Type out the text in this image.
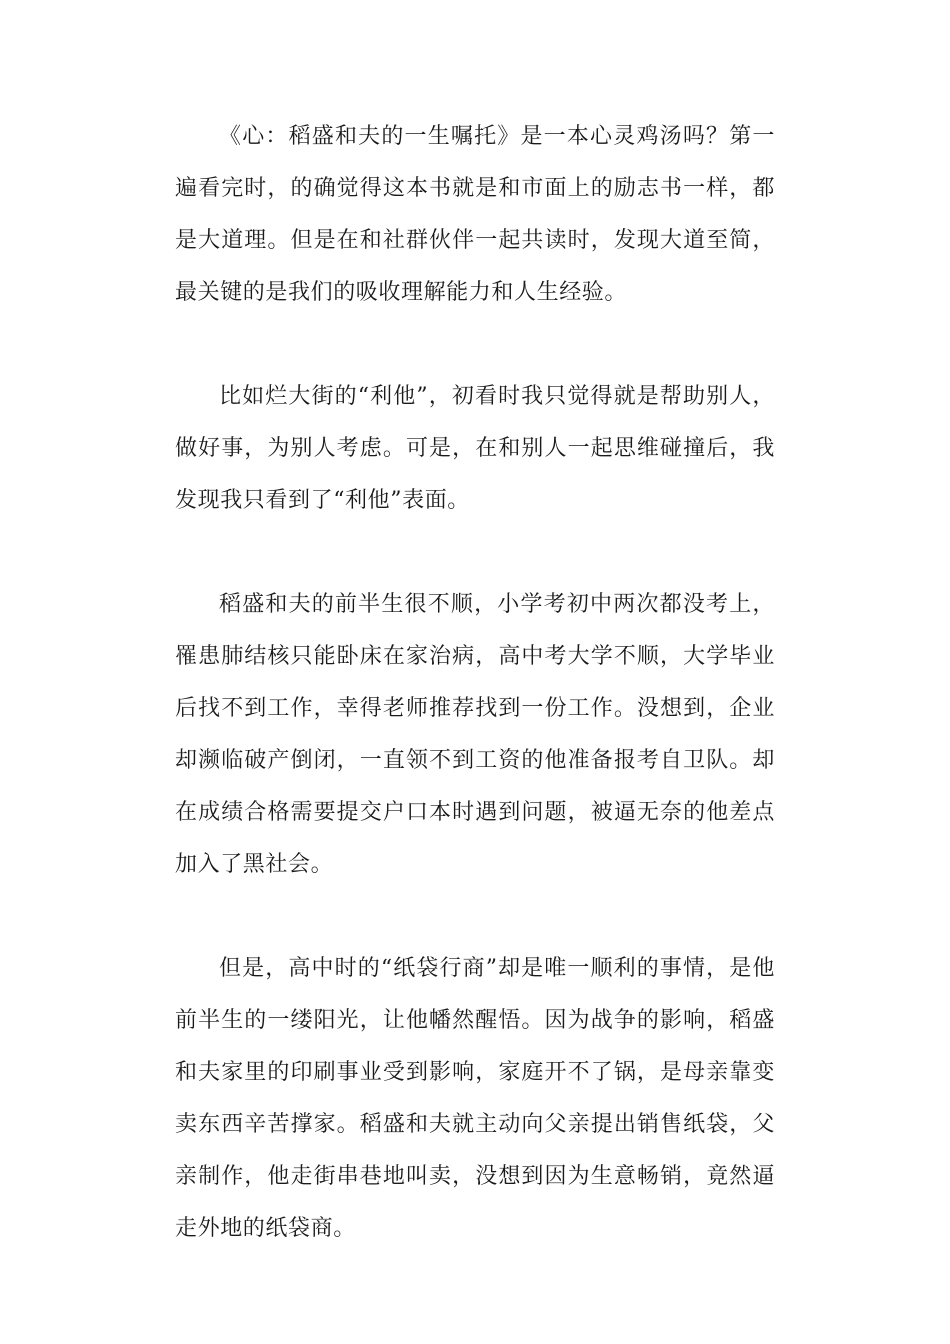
《心：稻盛和夫的一生嘱托》是一本心灵鸡汤吗？第一遍看完时，的确觉得这本书就是和市面上的励志书一样，都是大道理。但是在和社群伙伴一起共读时，发现大道至简，最关键的是我们的吸收理解能力和人生经验。

比如烂大街的“利他”，初看时我只觉得就是帮助别人，做好事，为别人考虑。可是，在和别人一起思维碰撞后，我发现我只看到了“利他”表面。

稻盛和夫的前半生很不顺，小学考初中两次都没考上，罹患肺结核只能卧床在家治病，高中考大学不顺，大学毕业后找不到工作，幸得老师推荐找到一份工作。没想到，企业却濒临破产倒闭，一直领不到工资的他准备报考自卫队。却在成绩合格需要提交户口本时遇到问题，被逼无奈的他差点加入了黑社会。

但是，高中时的“纸袋行商”却是唯一顺利的事情，是他前半生的一缕阳光，让他幡然醒悟。因为战争的影响，稻盛和夫家里的印刷事业受到影响，家庭开不了锅，是母亲靠变卖东西辛苦撑家。稻盛和夫就主动向父亲提出销售纸袋，父亲制作，他走街串巷地叫卖，没想到因为生意畅销，竟然逼走外地的纸袋商。
